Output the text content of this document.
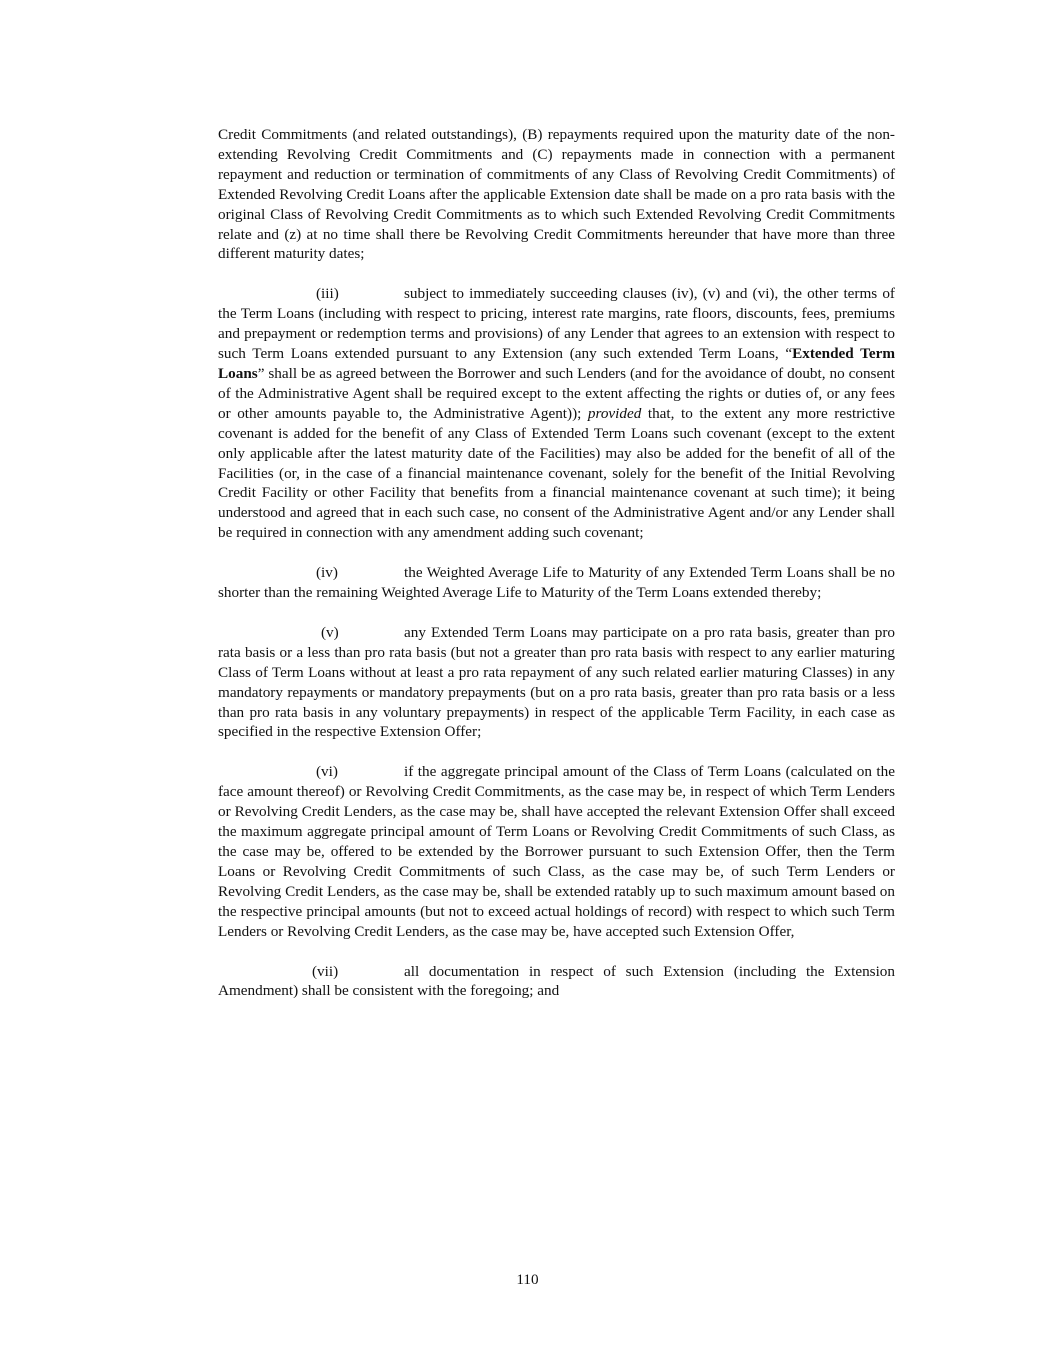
Credit Commitments (and related outstandings), (B) repayments required upon the maturity date of the non-extending Revolving Credit Commitments and (C) repayments made in connection with a permanent repayment and reduction or termination of commitments of any Class of Revolving Credit Commitments) of Extended Revolving Credit Loans after the applicable Extension date shall be made on a pro rata basis with the original Class of Revolving Credit Commitments as to which such Extended Revolving Credit Commitments relate and (z) at no time shall there be Revolving Credit Commitments hereunder that have more than three different maturity dates;

(iii)	subject to immediately succeeding clauses (iv), (v) and (vi), the other terms of the Term Loans (including with respect to pricing, interest rate margins, rate floors, discounts, fees, premiums and prepayment or redemption terms and provisions) of any Lender that agrees to an extension with respect to such Term Loans extended pursuant to any Extension (any such extended Term Loans, “Extended Term Loans” shall be as agreed between the Borrower and such Lenders (and for the avoidance of doubt, no consent of the Administrative Agent shall be required except to the extent affecting the rights or duties of, or any fees or other amounts payable to, the Administrative Agent)); provided that, to the extent any more restrictive covenant is added for the benefit of any Class of Extended Term Loans such covenant (except to the extent only applicable after the latest maturity date of the Facilities) may also be added for the benefit of all of the Facilities (or, in the case of a financial maintenance covenant, solely for the benefit of the Initial Revolving Credit Facility or other Facility that benefits from a financial maintenance covenant at such time); it being understood and agreed that in each such case, no consent of the Administrative Agent and/or any Lender shall be required in connection with any amendment adding such covenant;

(iv)	the Weighted Average Life to Maturity of any Extended Term Loans shall be no shorter than the remaining Weighted Average Life to Maturity of the Term Loans extended thereby;

(v)	any Extended Term Loans may participate on a pro rata basis, greater than pro rata basis or a less than pro rata basis (but not a greater than pro rata basis with respect to any earlier maturing Class of Term Loans without at least a pro rata repayment of any such related earlier maturing Classes) in any mandatory repayments or mandatory prepayments (but on a pro rata basis, greater than pro rata basis or a less than pro rata basis in any voluntary prepayments) in respect of the applicable Term Facility, in each case as specified in the respective Extension Offer;

(vi)	if the aggregate principal amount of the Class of Term Loans (calculated on the face amount thereof) or Revolving Credit Commitments, as the case may be, in respect of which Term Lenders or Revolving Credit Lenders, as the case may be, shall have accepted the relevant Extension Offer shall exceed the maximum aggregate principal amount of Term Loans or Revolving Credit Commitments of such Class, as the case may be, offered to be extended by the Borrower pursuant to such Extension Offer, then the Term Loans or Revolving Credit Commitments of such Class, as the case may be, of such Term Lenders or Revolving Credit Lenders, as the case may be, shall be extended ratably up to such maximum amount based on the respective principal amounts (but not to exceed actual holdings of record) with respect to which such Term Lenders or Revolving Credit Lenders, as the case may be, have accepted such Extension Offer,

(vii)	all documentation in respect of such Extension (including the Extension Amendment) shall be consistent with the foregoing; and

110
